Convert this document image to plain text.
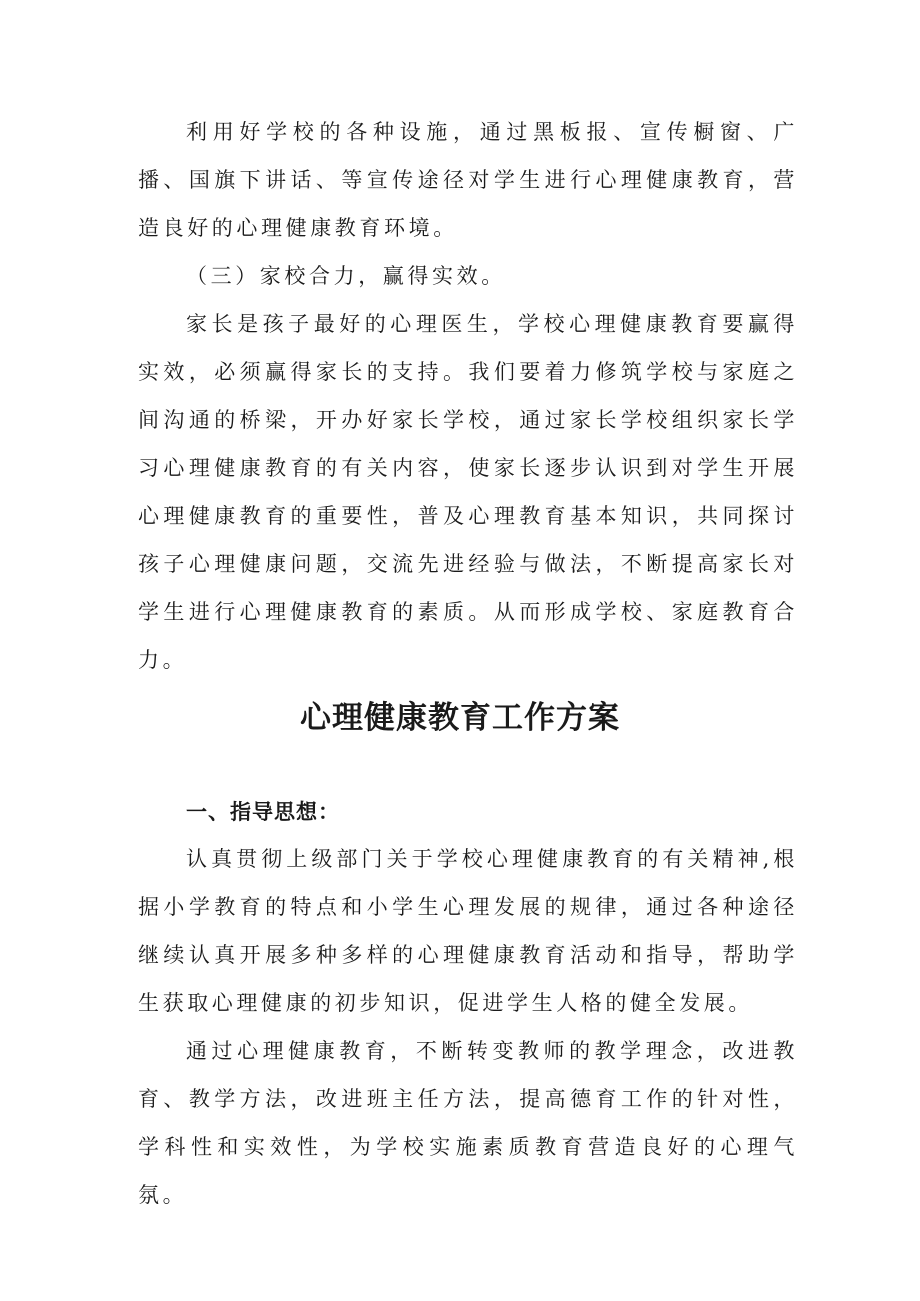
利用好学校的各种设施，通过黑板报、宣传橱窗、广播、国旗下讲话、等宣传途径对学生进行心理健康教育，营造良好的心理健康教育环境。

（三）家校合力，赢得实效。

家长是孩子最好的心理医生，学校心理健康教育要赢得实效，必须赢得家长的支持。我们要着力修筑学校与家庭之间沟通的桥梁，开办好家长学校，通过家长学校组织家长学习心理健康教育的有关内容，使家长逐步认识到对学生开展心理健康教育的重要性，普及心理教育基本知识，共同探讨孩子心理健康问题，交流先进经验与做法，不断提高家长对学生进行心理健康教育的素质。从而形成学校、家庭教育合力。

心理健康教育工作方案
一、指导思想：

认真贯彻上级部门关于学校心理健康教育的有关精神,根据小学教育的特点和小学生心理发展的规律，通过各种途径继续认真开展多种多样的心理健康教育活动和指导，帮助学生获取心理健康的初步知识，促进学生人格的健全发展。

通过心理健康教育，不断转变教师的教学理念，改进教育、教学方法，改进班主任方法，提高德育工作的针对性，学科性和实效性，为学校实施素质教育营造良好的心理气氛。
